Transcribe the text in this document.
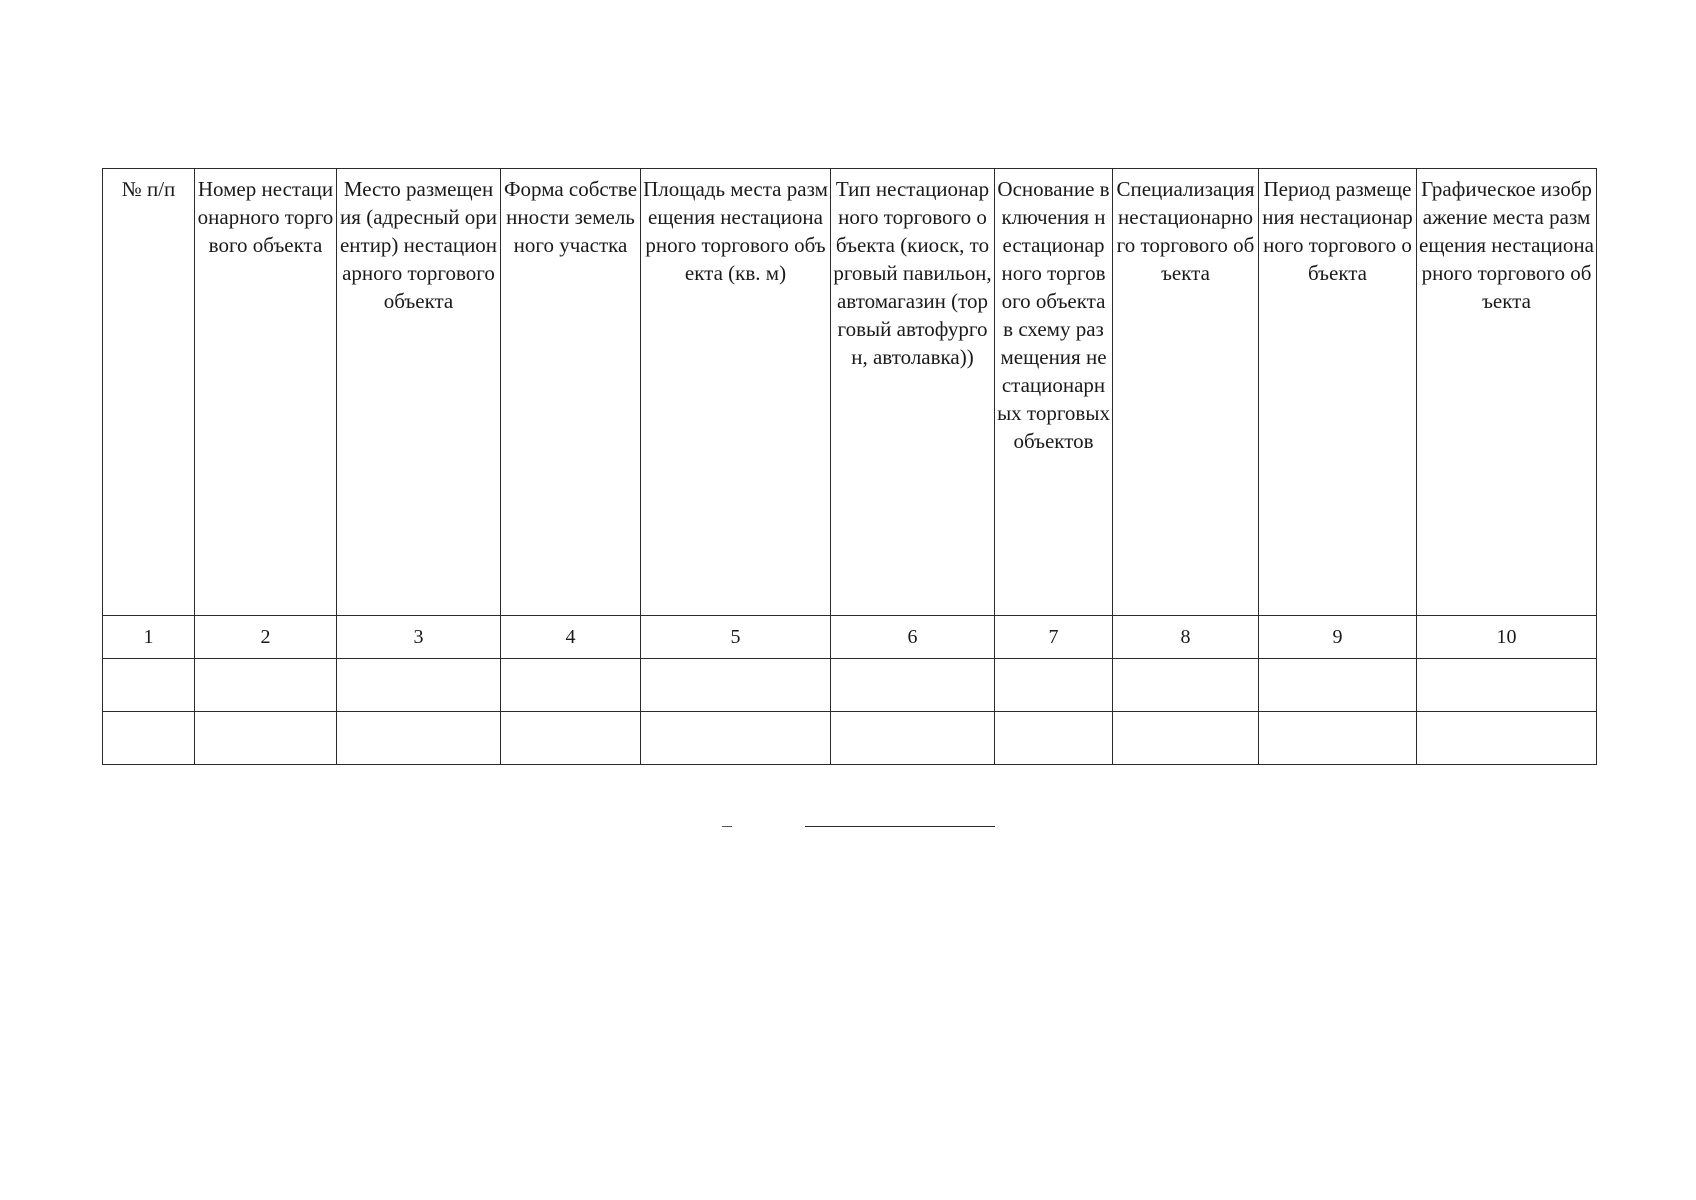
№ п/п	Номер нестационарного торгового объекта	Место размещения (адресный ориентир) нестационарного торгового объекта	Форма собственности земельного участка	Площадь места размещения нестационарного торгового объекта (кв. м)	Тип нестационарного торгового объекта (киоск, торговый павильон, автомагазин (торговый автофургон, автолавка))	Основание включения нестационарного торгового объекта в схему размещения нестационарных торговых объектов	Специализация нестационарного торгового объекта	Период размещения нестационарного торгового объекта	Графическое изображение места размещения нестационарного торгового объекта
1	2	3	4	5	6	7	8	9	10
